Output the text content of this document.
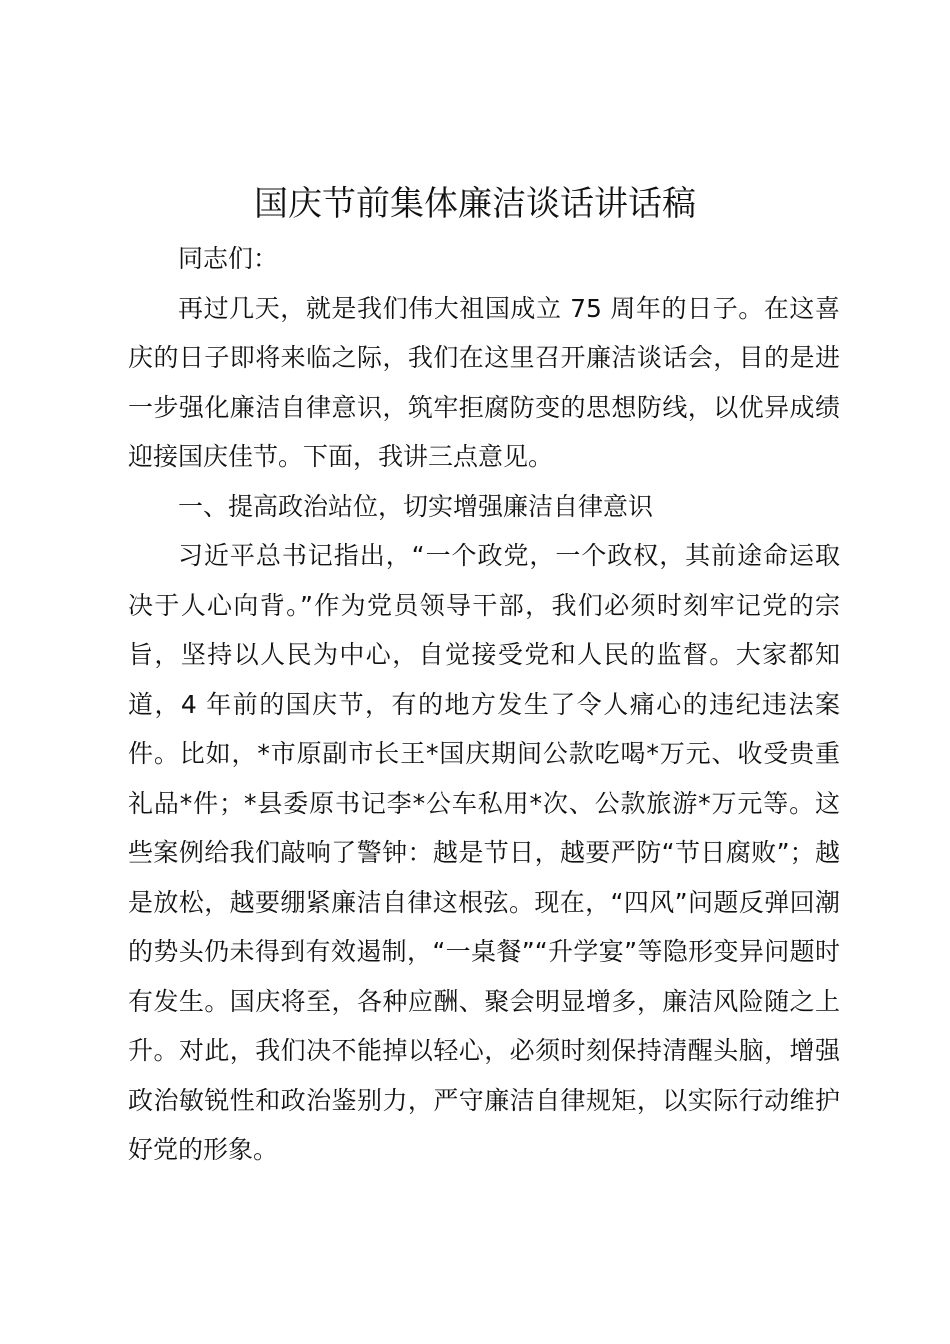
国庆节前集体廉洁谈话讲话稿

同志们：

再过几天，就是我们伟大祖国成立 75 周年的日子。在这喜庆的日子即将来临之际，我们在这里召开廉洁谈话会，目的是进一步强化廉洁自律意识，筑牢拒腐防变的思想防线，以优异成绩迎接国庆佳节。下面，我讲三点意见。

一、提高政治站位，切实增强廉洁自律意识

习近平总书记指出，“一个政党，一个政权，其前途命运取决于人心向背。”作为党员领导干部，我们必须时刻牢记党的宗旨，坚持以人民为中心，自觉接受党和人民的监督。大家都知道，4 年前的国庆节，有的地方发生了令人痛心的违纪违法案件。比如，*市原副市长王*国庆期间公款吃喝*万元、收受贵重礼品*件；*县委原书记李*公车私用*次、公款旅游*万元等。这些案例给我们敲响了警钟：越是节日，越要严防“节日腐败”；越是放松，越要绷紧廉洁自律这根弦。现在，“四风”问题反弹回潮的势头仍未得到有效遏制，“一桌餐”“升学宴”等隐形变异问题时有发生。国庆将至，各种应酬、聚会明显增多，廉洁风险随之上升。对此，我们决不能掉以轻心，必须时刻保持清醒头脑，增强政治敏锐性和政治鉴别力，严守廉洁自律规矩，以实际行动维护好党的形象。
